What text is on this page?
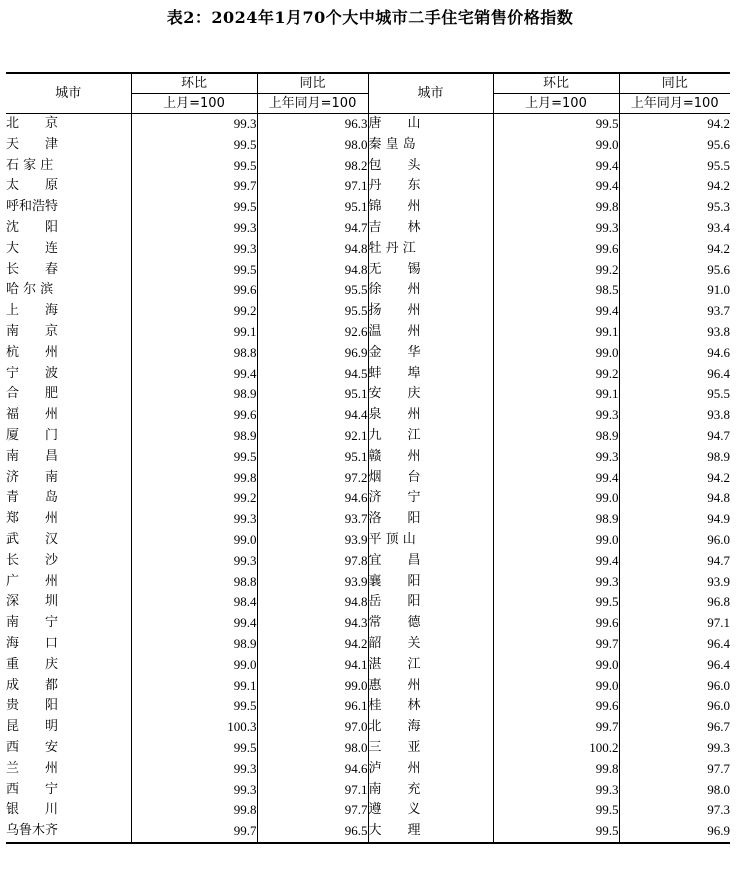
表2：2024年1月70个大中城市二手住宅销售价格指数
城市	环比	同比	城市	环比	同比
	上月=100	上年同月=100		上月=100	上年同月=100
北　　京	99.3	96.3	唐　　山	99.5	94.2
天　　津	99.5	98.0	秦 皇 岛	99.0	95.6
石 家 庄	99.5	98.2	包　　头	99.4	95.5
太　　原	99.7	97.1	丹　　东	99.4	94.2
呼和浩特	99.5	95.1	锦　　州	99.8	95.3
沈　　阳	99.3	94.7	吉　　林	99.3	93.4
大　　连	99.3	94.8	牡 丹 江	99.6	94.2
长　　春	99.5	94.8	无　　锡	99.2	95.6
哈 尔 滨	99.6	95.5	徐　　州	98.5	91.0
上　　海	99.2	95.5	扬　　州	99.4	93.7
南　　京	99.1	92.6	温　　州	99.1	93.8
杭　　州	98.8	96.9	金　　华	99.0	94.6
宁　　波	99.4	94.5	蚌　　埠	99.2	96.4
合　　肥	98.9	95.1	安　　庆	99.1	95.5
福　　州	99.6	94.4	泉　　州	99.3	93.8
厦　　门	98.9	92.1	九　　江	98.9	94.7
南　　昌	99.5	95.1	赣　　州	99.3	98.9
济　　南	99.8	97.2	烟　　台	99.4	94.2
青　　岛	99.2	94.6	济　　宁	99.0	94.8
郑　　州	99.3	93.7	洛　　阳	98.9	94.9
武　　汉	99.0	93.9	平 顶 山	99.0	96.0
长　　沙	99.3	97.8	宜　　昌	99.4	94.7
广　　州	98.8	93.9	襄　　阳	99.3	93.9
深　　圳	98.4	94.8	岳　　阳	99.5	96.8
南　　宁	99.4	94.3	常　　德	99.6	97.1
海　　口	98.9	94.2	韶　　关	99.7	96.4
重　　庆	99.0	94.1	湛　　江	99.0	96.4
成　　都	99.1	99.0	惠　　州	99.0	96.0
贵　　阳	99.5	96.1	桂　　林	99.6	96.0
昆　　明	100.3	97.0	北　　海	99.7	96.7
西　　安	99.5	98.0	三　　亚	100.2	99.3
兰　　州	99.3	94.6	泸　　州	99.8	97.7
西　　宁	99.3	97.1	南　　充	99.3	98.0
银　　川	99.8	97.7	遵　　义	99.5	97.3
乌鲁木齐	99.7	96.5	大　　理	99.5	96.9
